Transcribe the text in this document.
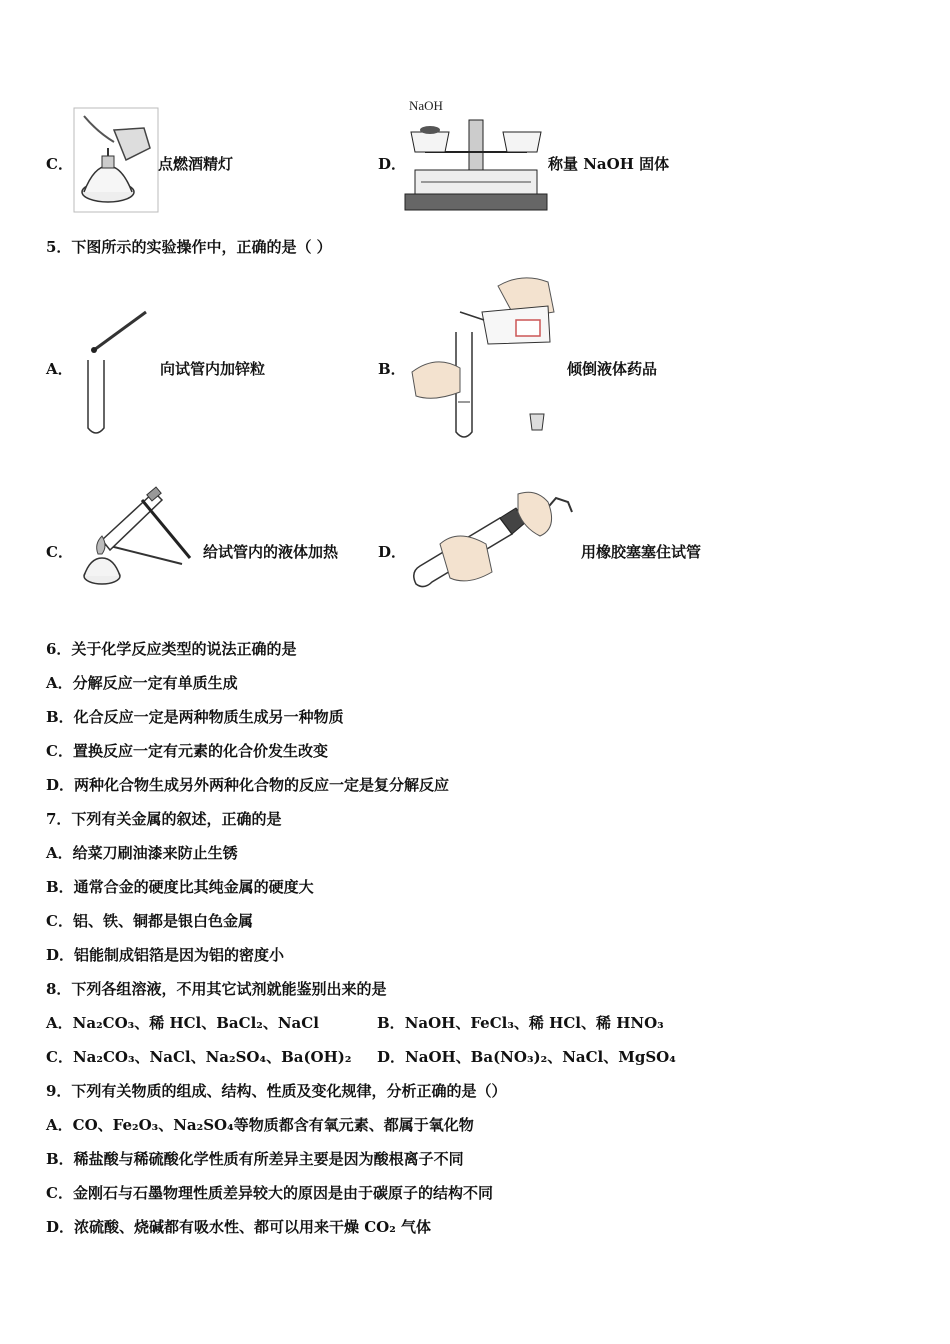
C．	点燃酒精灯	D．
NaOH
称量 NaOH 固体
5．下图所示的实验操作中，正确的是（ ）
A．	向试管内加锌粒	B．	倾倒液体药品
C．	给试管内的液体加热	D．	用橡胶塞塞住试管
6．关于化学反应类型的说法正确的是
A．分解反应一定有单质生成
B．化合反应一定是两种物质生成另一种物质
C．置换反应一定有元素的化合价发生改变
D．两种化合物生成另外两种化合物的反应一定是复分解反应
7．下列有关金属的叙述，正确的是
A．给菜刀刷油漆来防止生锈
B．通常合金的硬度比其纯金属的硬度大
C．铝、铁、铜都是银白色金属
D．铝能制成铝箔是因为铝的密度小
8．下列各组溶液，不用其它试剂就能鉴别出来的是
A．Na₂CO₃、稀 HCl、BaCl₂、NaCl	B．NaOH、FeCl₃、稀 HCl、稀 HNO₃
C．Na₂CO₃、NaCl、Na₂SO₄、Ba(OH)₂ D．NaOH、Ba(NO₃)₂、NaCl、MgSO₄
9．下列有关物质的组成、结构、性质及变化规律，分析正确的是（）
A．CO、Fe₂O₃、Na₂SO₄等物质都含有氧元素、都属于氧化物
B．稀盐酸与稀硫酸化学性质有所差异主要是因为酸根离子不同
C．金刚石与石墨物理性质差异较大的原因是由于碳原子的结构不同
D．浓硫酸、烧碱都有吸水性、都可以用来干燥 CO₂ 气体
